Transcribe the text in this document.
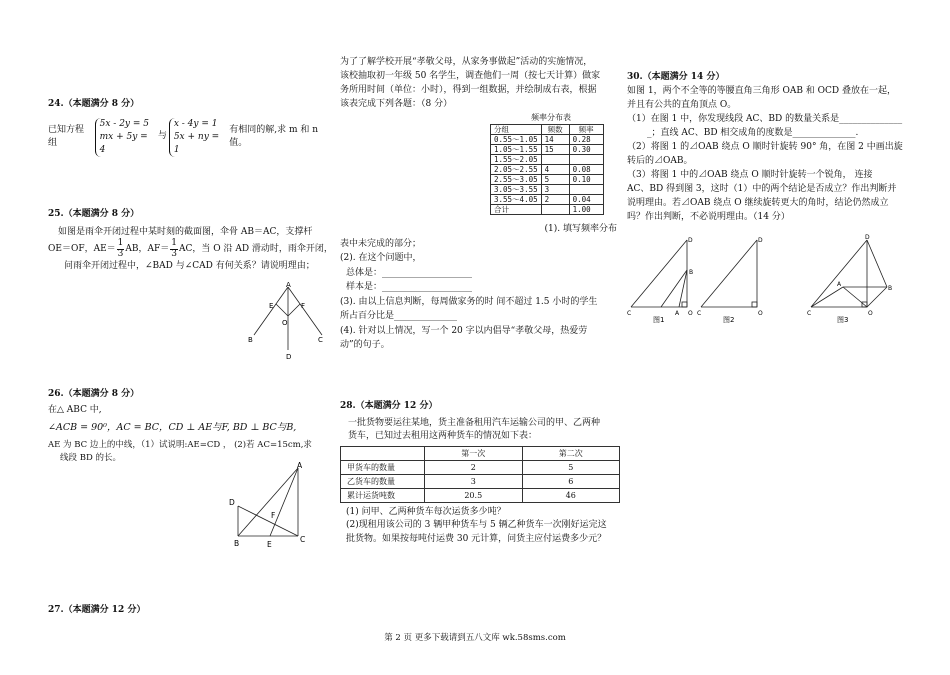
24.（本题满分 8 分）
已知方程组
5x - 2y = 5
mx + 5y = 4
与
x - 4y = 1
5x + ny = 1
有相同的解,求 m 和 n 值。
25.（本题满分 8 分）

如图是雨伞开闭过程中某时刻的截面图，伞骨 AB＝AC，支撑杆

OE＝OF，$AE= \frac{1}{3}$ AB，$AF= \frac{1}{3}$ AC，当 O 沿 AD 滑动时，雨伞开闭，

问雨伞开闭过程中，∠BAD 与∠CAD 有何关系？请说明理由；

A
E	F
O
B	C
D
26.（本题满分 8 分）

在△ ABC 中,

∠ACB = 90⁰，AC = BC，CD ⊥ AE与F, BD ⊥ BC与B,

AE 为 BC 边上的中线，（1）试说明:AE=CD ， (2)若 AC=15cm,求

线段 BD 的长。

A
D
F
B	E
C
27.（本题满分 12 分）

为了了解学校开展“孝敬父母，从家务事做起”活动的实施情况，

该校抽取初一年级 50 名学生，调查他们一周（按七天计算）做家

务所用时间（单位：小时），得到一组数据，并绘制成右表，根据

该表完成下列各题：（8 分）

频率分布表
分组	频数	频率
0.55～1.05	14	0.28
1.05～1.55	15	0.30
1.55～2.05		
2.05～2.55	4	0.08
2.55～3.05	5	0.10
3.05～3.55	3	
3.55～4.05	2	0.04
合计		1.00

(1). 填写频率分布

表中未完成的部分；

(2). 在这个问题中，

总体是：____________________

样本是：____________________

(3). 由以上信息判断，每周做家务的时 间不超过 1.5 小时的学生

所占百分比是______________

(4). 针对以上情况，写一个 20 字以内倡导“孝敬父母，热爱劳

动”的句子。

28.（本题满分 12 分）

一批货物要运往某地，货主准备租用汽车运输公司的甲、乙两种

货车，已知过去租用这两种货车的情况如下表：

	第一次	第二次
甲货车的数量	2	5
乙货车的数量	3	6
累计运货吨数	20.5	46

(1) 问甲、乙两种货车每次运货多少吨？

(2)现租用该公司的 3 辆甲种货车与 5 辆乙种货车一次刚好运完这

批货物。如果按每吨付运费 30 元计算，问货主应付运费多少元？

30.（本题满分 14 分）

如图 1，两个不全等的等腰直角三角形 OAB 和 OCD 叠放在一起，

并且有公共的直角顶点 O。

（1）在图 1 中，你发现线段 AC、BD 的数量关系是______________

_；直线 AC、BD 相交成角的度数是______________.

（2）将图 1 的⊿OAB 绕点 O 顺时针旋转 90° 角，在图 2 中画出旋

转后的⊿OAB。

（3）将图 1 中的⊿OAB 绕点 O 顺时针旋转一个锐角， 连接

AC、BD 得到图 3，这时（1）中的两个结论是否成立？作出判断并

说明理由。若⊿OAB 绕点 O 继续旋转更大的角时，结论仍然成立

吗？作出判断，不必说明理由。（14 分）

D
B
C	A O
图1
D
C	O
图2
D
A
B
C	O
图3
第 2 页 更多下载请到五八文库 wk.58sms.com
